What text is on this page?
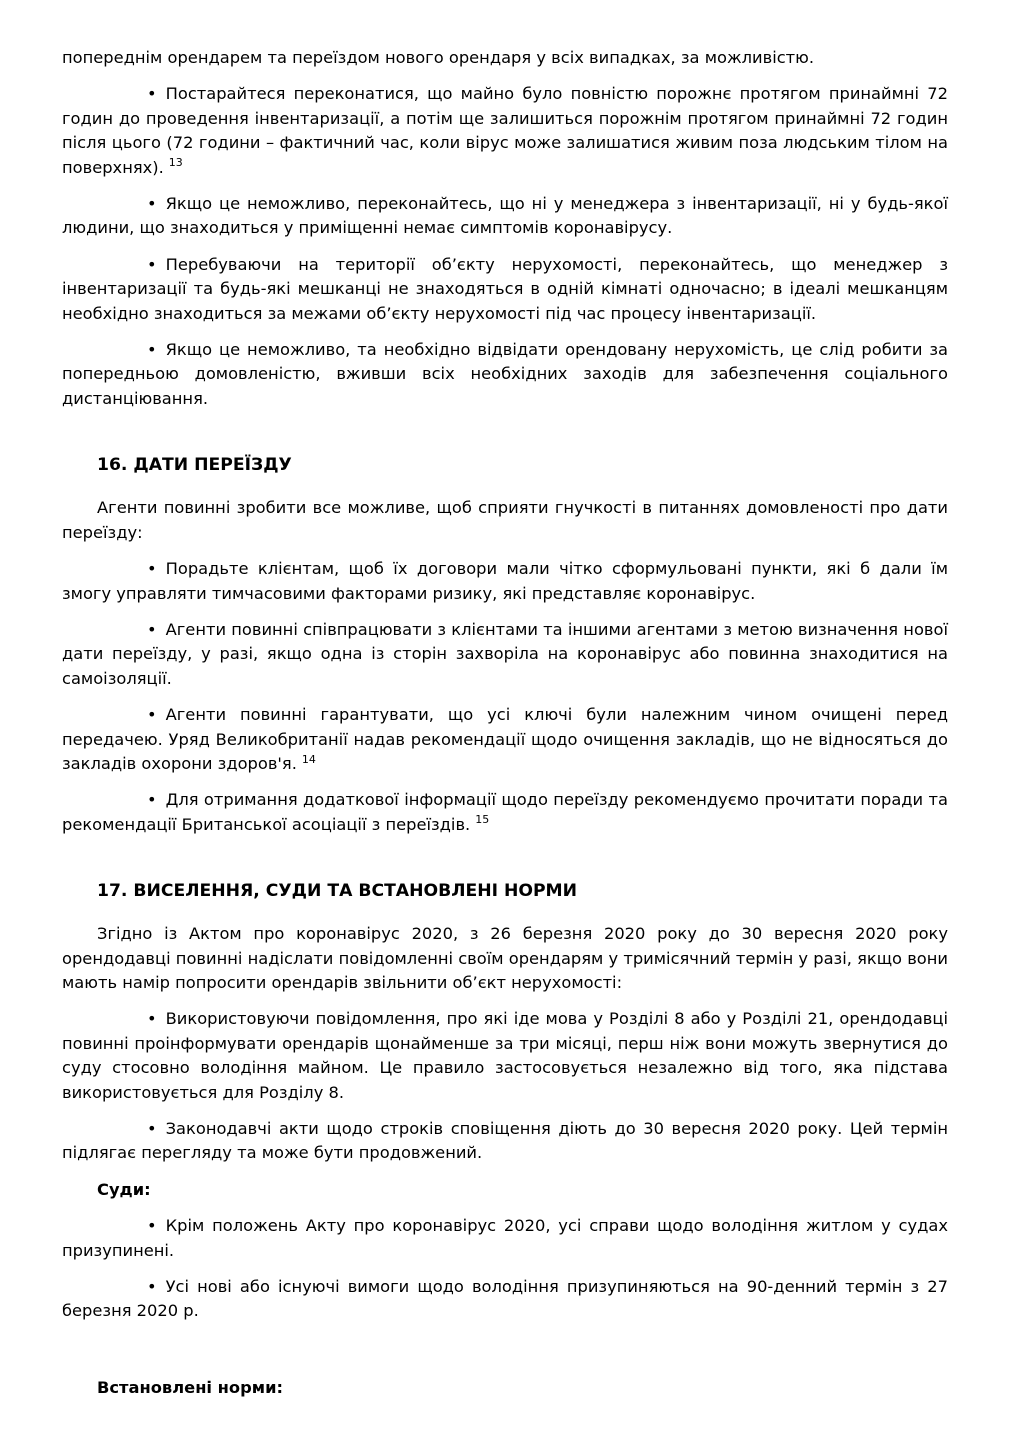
попереднім орендарем та переїздом нового орендаря у всіх випадках, за можливістю.

• Постарайтеся переконатися, що майно було повністю порожнє протягом принаймні 72 годин до проведення інвентаризації, а потім ще залишиться порожнім протягом принаймні 72 годин після цього (72 години – фактичний час, коли вірус може залишатися живим поза людським тілом на поверхнях). $^{13}$

• Якщо це неможливо, переконайтесь, що ні у менеджера з інвентаризації, ні у будь-якої людини, що знаходиться у приміщенні немає симптомів коронавірусу.

• Перебуваючи на території об’єкту нерухомості, переконайтесь, що менеджер з інвентаризації та будь-які мешканці не знаходяться в одній кімнаті одночасно; в ідеалі мешканцям необхідно знаходиться за межами об’єкту нерухомості під час процесу інвентаризації.

• Якщо це неможливо, та необхідно відвідати орендовану нерухомість, це слід робити за попередньою домовленістю, вживши всіх необхідних заходів для забезпечення соціального дистанціювання.

16. ДАТИ ПЕРЕЇЗДУ

Агенти повинні зробити все можливе, щоб сприяти гнучкості в питаннях домовленості про дати переїзду:

• Порадьте клієнтам, щоб їх договори мали чітко сформульовані пункти, які б дали їм змогу управляти тимчасовими факторами ризику, які представляє коронавірус.

• Агенти повинні співпрацювати з клієнтами та іншими агентами з метою визначення нової дати переїзду, у разі, якщо одна із сторін захворіла на коронавірус або повинна знаходитися на самоізоляції.

• Агенти повинні гарантувати, що усі ключі були належним чином очищені перед передачею. Уряд Великобританії надав рекомендації щодо очищення закладів, що не відносяться до закладів охорони здоров'я. $^{14}$

• Для отримання додаткової інформації щодо переїзду рекомендуємо прочитати поради та рекомендації Британської асоціації з переїздів. $^{15}$

17. ВИСЕЛЕННЯ, СУДИ ТА ВСТАНОВЛЕНІ НОРМИ

Згідно із Актом про коронавірус 2020, з 26 березня 2020 року до 30 вересня 2020 року орендодавці повинні надіслати повідомленні своїм орендарям у тримісячний термін у разі, якщо вони мають намір попросити орендарів звільнити об’єкт нерухомості:

• Використовуючи повідомлення, про які іде мова у Розділі 8 або у Розділі 21, орендодавці повинні проінформувати орендарів щонайменше за три місяці, перш ніж вони можуть звернутися до суду стосовно володіння майном. Це правило застосовується незалежно від того, яка підстава використовується для Розділу 8.

• Законодавчі акти щодо строків сповіщення діють до 30 вересня 2020 року. Цей термін підлягає перегляду та може бути продовжений.

Суди:

• Крім положень Акту про коронавірус 2020, усі справи щодо володіння житлом у судах призупинені.

• Усі нові або існуючі вимоги щодо володіння призупиняються на 90-денний термін з 27 березня 2020 р.

Встановлені норми:
